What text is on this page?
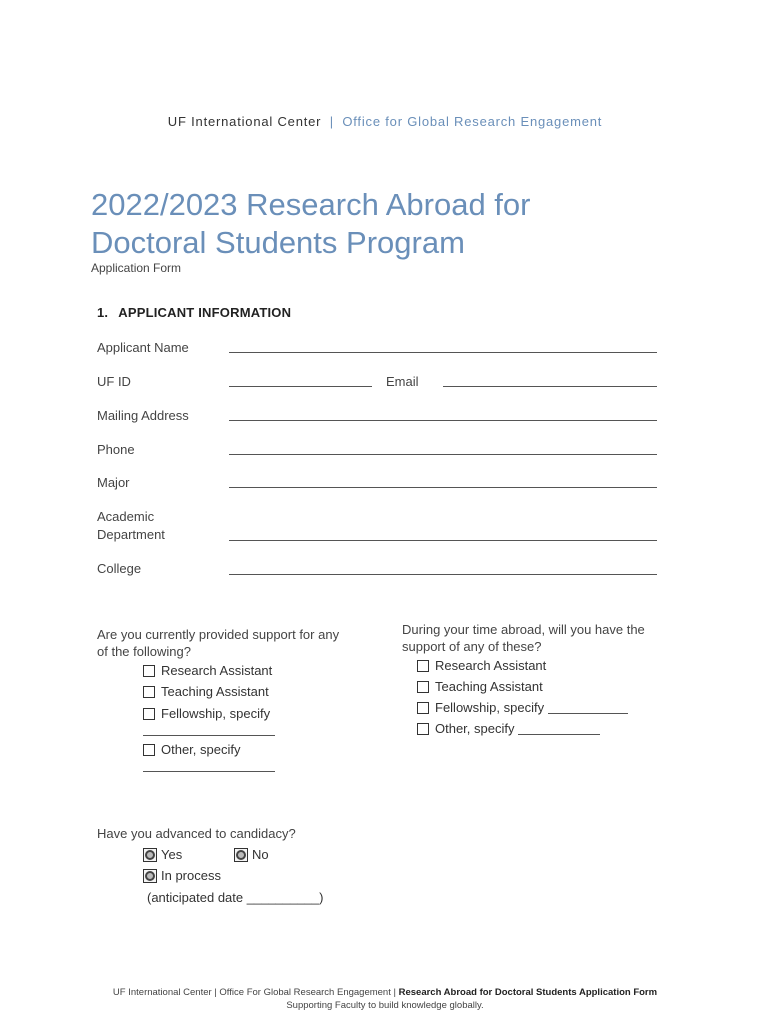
UF International Center | Office for Global Research Engagement
2022/2023 Research Abroad for
Doctoral Students Program
Application Form
1. APPLICANT INFORMATION
Applicant Name
UF ID	Email
Mailing Address
Phone
Major
Academic
Department
College
Are you currently provided support for any
of the following?
Research Assistant
Teaching Assistant
Fellowship, specify
Other, specify
During your time abroad, will you have the
support of any of these?
Research Assistant
Teaching Assistant
Fellowship, specify
Other, specify
Have you advanced to candidacy?
Yes	No
In process
(anticipated date
__________ )
UF International Center | Office For Global Research Engagement | Research Abroad for Doctoral Students Application Form
Supporting Faculty to build knowledge globally.
